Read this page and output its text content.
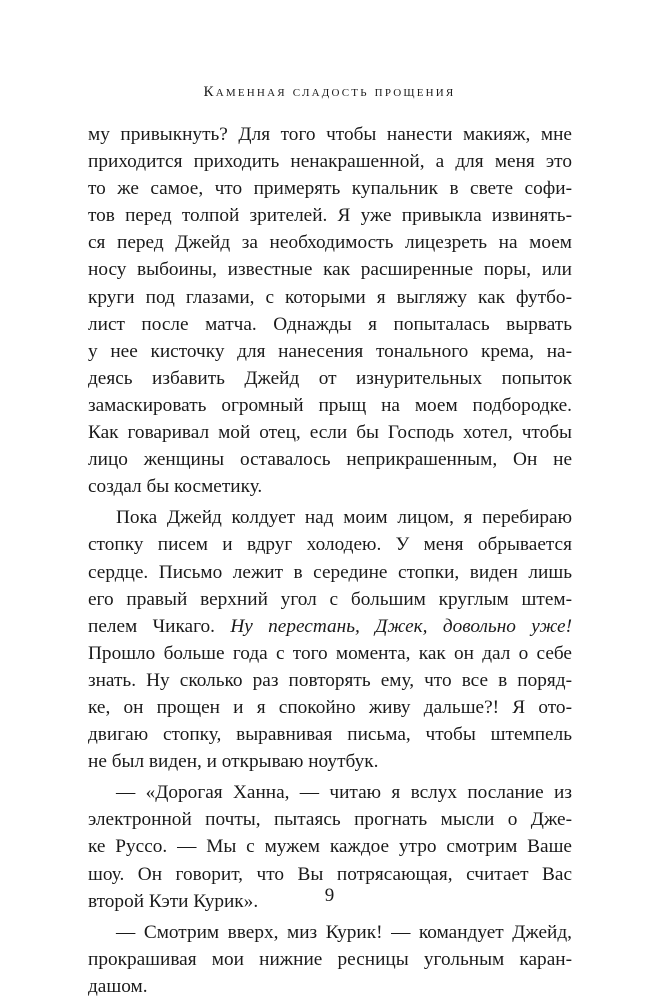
Каменная сладость прощения

му привыкнуть? Для того чтобы нанести макияж, мне
приходится приходить ненакрашенной, а для меня это
то же самое, что примерять купальник в свете софи-
тов перед толпой зрителей. Я уже привыкла извинять-
ся перед Джейд за необходимость лицезреть на моем
носу выбоины, известные как расширенные поры, или
круги под глазами, с которыми я выгляжу как футбо-
лист после матча. Однажды я попыталась вырвать
у нее кисточку для нанесения тонального крема, на-
деясь избавить Джейд от изнурительных попыток
замаскировать огромный прыщ на моем подбородке.
Как говаривал мой отец, если бы Господь хотел, чтобы
лицо женщины оставалось неприкрашенным, Он не
создал бы косметику.

Пока Джейд колдует над моим лицом, я перебираю
стопку писем и вдруг холодею. У меня обрывается
сердце. Письмо лежит в середине стопки, виден лишь
его правый верхний угол с большим круглым штем-
пелем Чикаго. Ну перестань, Джек, довольно уже!
Прошло больше года с того момента, как он дал о себе
знать. Ну сколько раз повторять ему, что все в поряд-
ке, он прощен и я спокойно живу дальше?! Я ото-
двигаю стопку, выравнивая письма, чтобы штемпель
не был виден, и открываю ноутбук.

— «Дорогая Ханна, — читаю я вслух послание из
электронной почты, пытаясь прогнать мысли о Дже-
ке Руссо. — Мы с мужем каждое утро смотрим Ваше
шоу. Он говорит, что Вы потрясающая, считает Вас
второй Кэти Курик».

— Смотрим вверх, миз Курик! — командует Джейд,
прокрашивая мои нижние ресницы угольным каран-
дашом.

9
